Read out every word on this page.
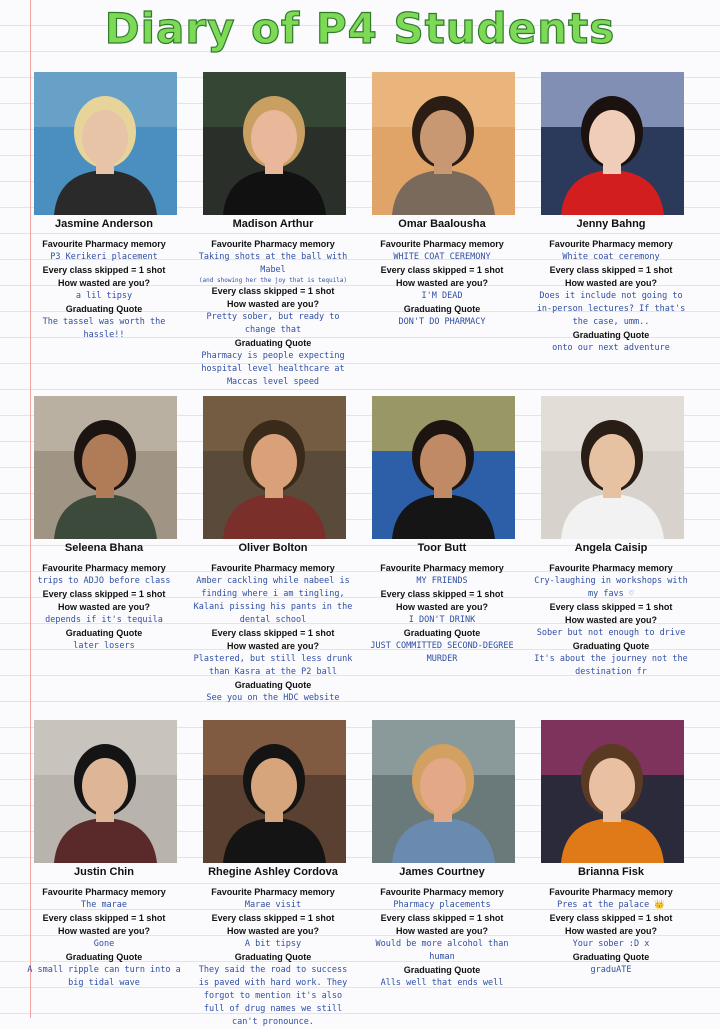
Diary of P4 Students
Jasmine Anderson
Favourite Pharmacy memory
P3 Kerikeri placement
Every class skipped = 1 shot
How wasted are you?
a lil tipsy
Graduating Quote
The tassel was worth the hassle!!
Madison Arthur
Favourite Pharmacy memory
Taking shots at the ball with Mabel
(and showing her the joy that is tequila)
Every class skipped = 1 shot
How wasted are you?
Pretty sober, but ready to change that
Graduating Quote
Pharmacy is people expecting hospital level healthcare at Maccas level speed
Omar Baalousha
Favourite Pharmacy memory
WHITE COAT CEREMONY
Every class skipped = 1 shot
How wasted are you?
I'M DEAD
Graduating Quote
DON'T DO PHARMACY
Jenny Bahng
Favourite Pharmacy memory
White coat ceremony
Every class skipped = 1 shot
How wasted are you?
Does it include not going to in-person lectures? If that's the case, umm..
Graduating Quote
onto our next adventure
Seleena Bhana
Favourite Pharmacy memory
trips to ADJO before class
Every class skipped = 1 shot
How wasted are you?
depends if it's tequila
Graduating Quote
later losers
Oliver Bolton
Favourite Pharmacy memory
Amber cackling while nabeel is finding where i am tingling, Kalani pissing his pants in the dental school
Every class skipped = 1 shot
How wasted are you?
Plastered, but still less drunk than Kasra at the P2 ball
Graduating Quote
See you on the HDC website
Toor Butt
Favourite Pharmacy memory
MY FRIENDS
Every class skipped = 1 shot
How wasted are you?
I DON'T DRINK
Graduating Quote
JUST COMMITTED SECOND-DEGREE MURDER
Angela Caisip
Favourite Pharmacy memory
Cry-laughing in workshops with my favs ♡
Every class skipped = 1 shot
How wasted are you?
Sober but not enough to drive
Graduating Quote
It's about the journey not the destination fr
Justin Chin
Favourite Pharmacy memory
The marae
Every class skipped = 1 shot
How wasted are you?
Gone
Graduating Quote
A small ripple can turn into a big tidal wave
Rhegine Ashley Cordova
Favourite Pharmacy memory
Marae visit
Every class skipped = 1 shot
How wasted are you?
A bit tipsy
Graduating Quote
They said the road to success is paved with hard work. They forgot to mention it's also full of drug names we still can't pronounce.
James Courtney
Favourite Pharmacy memory
Pharmacy placements
Every class skipped = 1 shot
How wasted are you?
Would be more alcohol than human
Graduating Quote
Alls well that ends well
Brianna Fisk
Favourite Pharmacy memory
Pres at the palace 👑
Every class skipped = 1 shot
How wasted are you?
Your sober :D x
Graduating Quote
graduATE
